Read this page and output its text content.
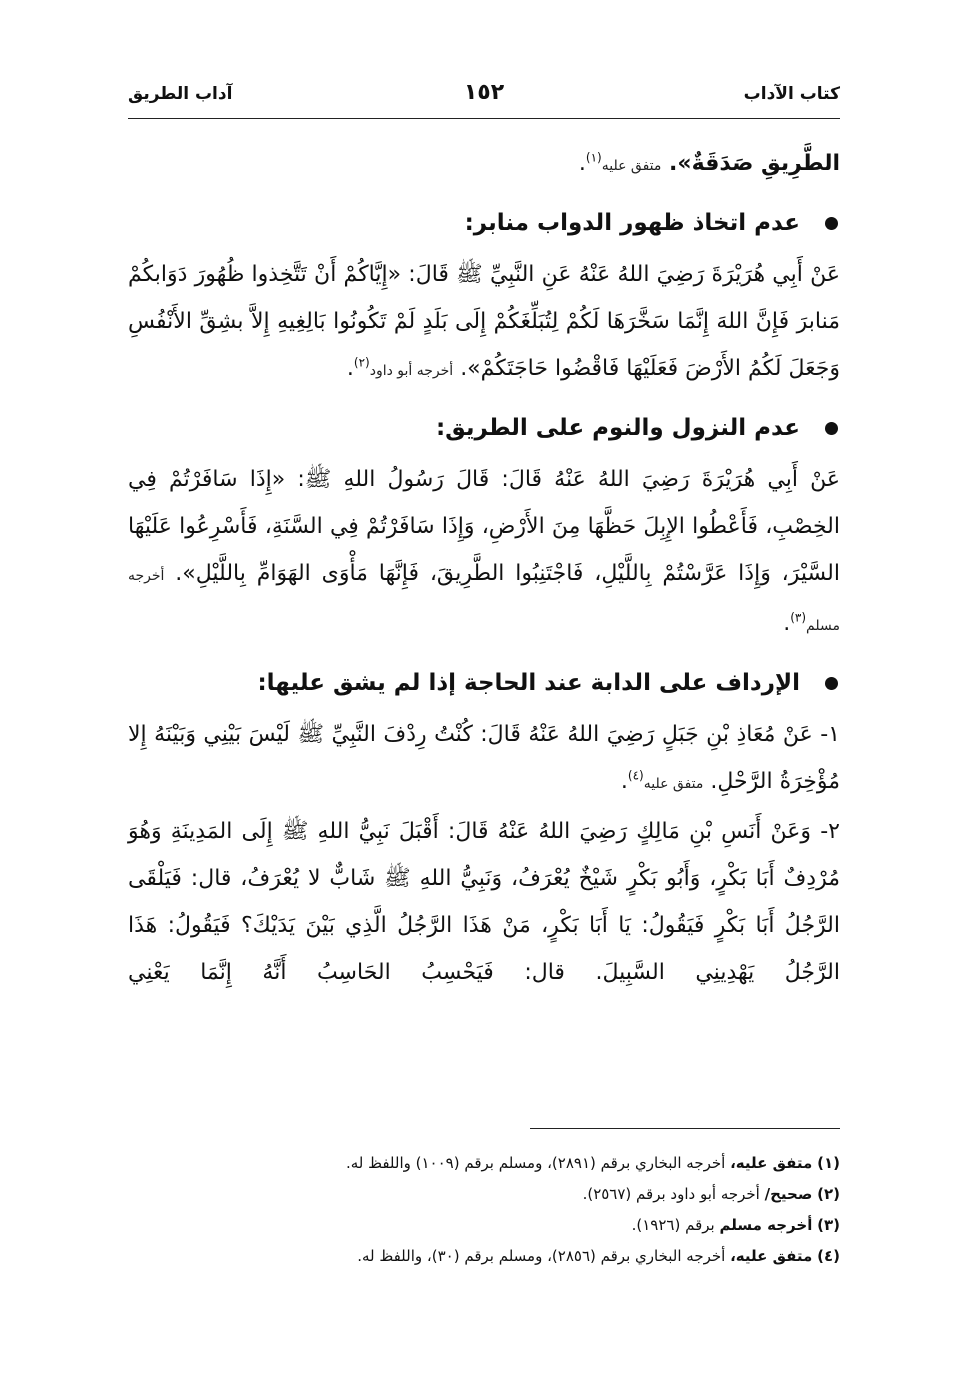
كتاب الآداب
١٥٢
آداب الطريق

الطَّرِيقِ صَدَقَةٌ». متفق عليه$^{(١)}$.

عدم اتخاذ ظهور الدواب منابر:

عَنْ أَبِي هُرَيْرَةَ رَضِيَ اللهُ عَنْهُ عَنِ النَّبِيِّ ﷺ قَالَ: «إِيَّاكُمْ أَنْ تَتَّخِذوا ظُهُورَ دَوَابكُمْ مَنابرَ فَإِنَّ اللهَ إِنَّمَا سَخَّرَهَا لَكُمْ لِتُبَلِّغَكُمْ إِلَى بَلَدٍ لَمْ تَكُونُوا بَالِغِيهِ إِلاَّ بشِقِّ الأَنْفُسِ وَجَعَلَ لَكُمُ الأَرْضَ فَعَلَيْهَا فَاقْضُوا حَاجَتَكُمْ». أخرجه أبو داود$^{(٢)}$.

عدم النزول والنوم على الطريق:

عَنْ أَبِي هُرَيْرَةَ رَضِيَ اللهُ عَنْهُ قَالَ: قَالَ رَسُولُ اللهِ ﷺ: «إِذَا سَافَرْتُمْ فِي الخِصْبِ، فَأَعْطُوا الإِبِلَ حَظَّهَا مِنَ الأَرْضِ، وَإِذَا سَافَرْتُمْ فِي السَّنَةِ، فَأَسْرِعُوا عَلَيْهَا السَّيْرَ، وَإِذَا عَرَّسْتُمْ بِاللَّيْلِ، فَاجْتَنِبُوا الطَّرِيقَ، فَإِنَّهَا مَأْوَى الهَوَامِّ بِاللَّيْلِ». أخرجه مسلم$^{(٣)}$.

الإرداف على الدابة عند الحاجة إذا لم يشق عليها:

١- عَنْ مُعَاذِ بْنِ جَبَلٍ رَضِيَ اللهُ عَنْهُ قَالَ: كُنْتُ رِدْفَ النَّبِيِّ ﷺ لَيْسَ بَيْنِي وَبَيْنَهُ إِلا مُؤْخِرَةُ الرَّحْلِ. متفق عليه$^{(٤)}$.

٢- وَعَنْ أَنَسِ بْنِ مَالِكٍ رَضِيَ اللهُ عَنْهُ قَالَ: أَقْبَلَ نَبِيُّ اللهِ ﷺ إِلَى المَدِينَةِ وَهُوَ مُرْدِفٌ أَبَا بَكْرٍ، وَأَبُو بَكْرٍ شَيْخٌ يُعْرَفُ، وَنَبِيُّ اللهِ ﷺ شَابٌّ لا يُعْرَفُ، قال: فَيَلْقَى الرَّجُلُ أَبَا بَكْرٍ فَيَقُولُ: يَا أَبَا بَكْرٍ، مَنْ هَذَا الرَّجُلُ الَّذِي بَيْنَ يَدَيْكَ؟ فَيَقُولُ: هَذَا الرَّجُلُ يَهْدِينِي السَّبِيلَ. قال: فَيَحْسِبُ الحَاسِبُ أَنَّهُ إِنَّمَا يَعْنِي

(١) متفق عليه، أخرجه البخاري برقم (٢٨٩١)، ومسلم برقم (١٠٠٩) واللفظ له.

(٢) صحيح/ أخرجه أبو داود برقم (٢٥٦٧).

(٣) أخرجه مسلم برقم (١٩٢٦).

(٤) متفق عليه، أخرجه البخاري برقم (٢٨٥٦)، ومسلم برقم (٣٠)، واللفظ له.
